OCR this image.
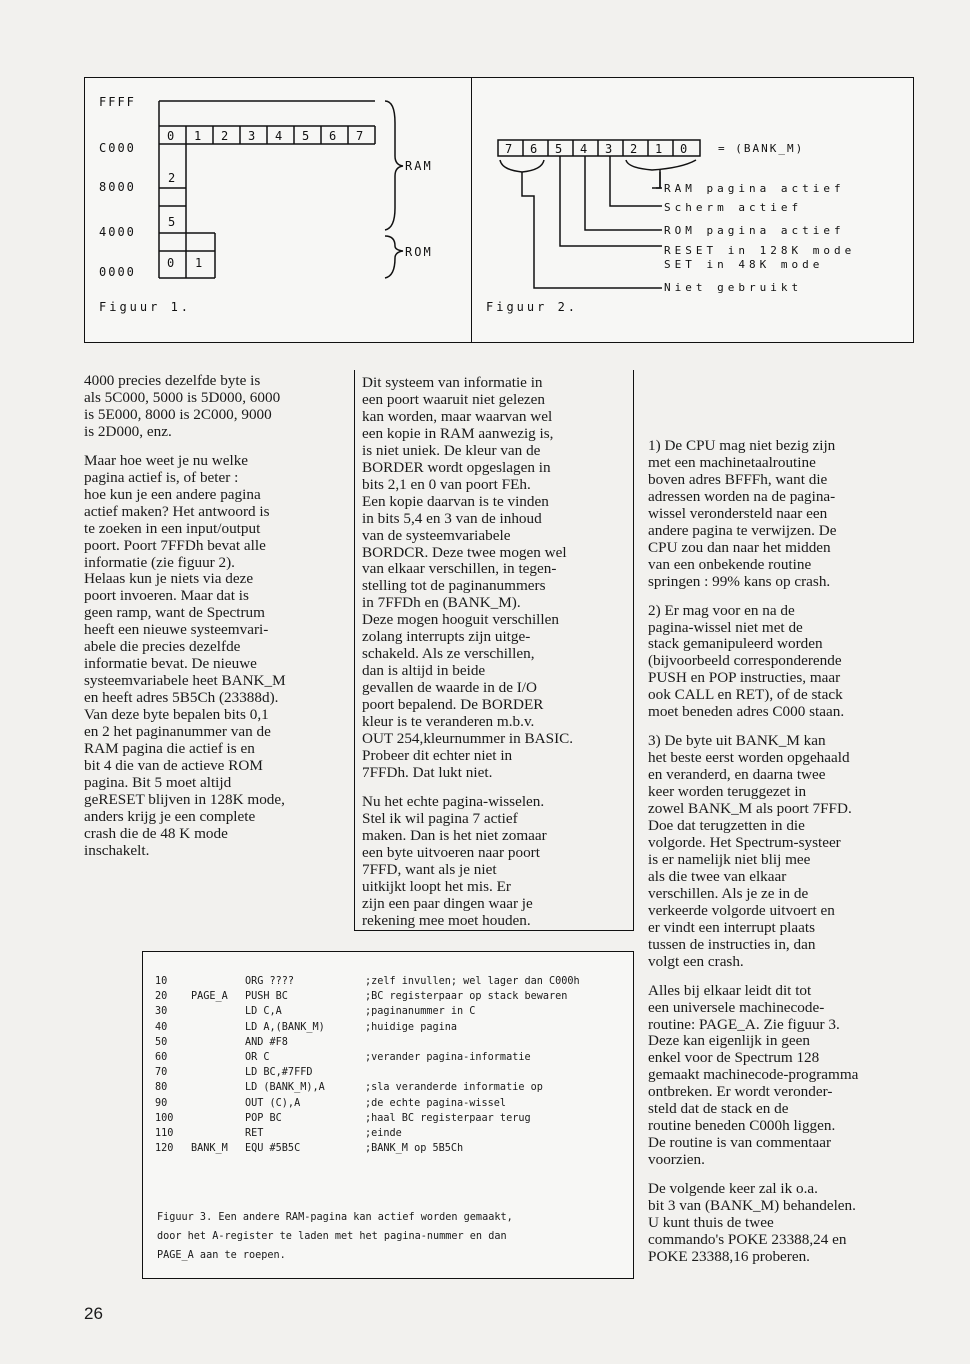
FFFF
C000
8000
4000
0000
0 1 2 3 4 5 6 7
2
5
0 1
RAM
ROM
Figuur 1.
7 6 5 4 3 2 1 0	= (BANK_M)
RAM pagina actief
Scherm actief
ROM pagina actief
RESET in 128K mode
SET in 48K mode
Niet gebruikt
Figuur 2.

4000 precies dezelfde byte is
als 5C000, 5000 is 5D000, 6000
is 5E000, 8000 is 2C000, 9000
is 2D000, enz.

Maar hoe weet je nu welke
pagina actief is, of beter :
hoe kun je een andere pagina
actief maken? Het antwoord is
te zoeken in een input/output
poort. Poort 7FFDh bevat alle
informatie (zie figuur 2).
Helaas kun je niets via deze
poort invoeren. Maar dat is
geen ramp, want de Spectrum
heeft een nieuwe systeemvari-
abele die precies dezelfde
informatie bevat. De nieuwe
systeemvariabele heet BANK_M
en heeft adres 5B5Ch (23388d).
Van deze byte bepalen bits 0,1
en 2 het paginanummer van de
RAM pagina die actief is en
bit 4 die van de actieve ROM
pagina. Bit 5 moet altijd
geRESET blijven in 128K mode,
anders krijg je een complete
crash die de 48 K mode
inschakelt.

Dit systeem van informatie in
een poort waaruit niet gelezen
kan worden, maar waarvan wel
een kopie in RAM aanwezig is,
is niet uniek. De kleur van de
BORDER wordt opgeslagen in
bits 2,1 en 0 van poort FEh.
Een kopie daarvan is te vinden
in bits 5,4 en 3 van de inhoud
van de systeemvariabele
BORDCR. Deze twee mogen wel
van elkaar verschillen, in tegen-
stelling tot de paginanummers
in 7FFDh en (BANK_M).
Deze mogen hooguit verschillen
zolang interrupts zijn uitge-
schakeld. Als ze verschillen,
dan is altijd in beide
gevallen de waarde in de I/O
poort bepalend. De BORDER
kleur is te veranderen m.b.v.
OUT 254,kleurnummer in BASIC.
Probeer dit echter niet in
7FFDh. Dat lukt niet.

Nu het echte pagina-wisselen.
Stel ik wil pagina 7 actief
maken. Dan is het niet zomaar
een byte uitvoeren naar poort
7FFD, want als je niet
uitkijkt loopt het mis. Er
zijn een paar dingen waar je
rekening mee moet houden.

1) De CPU mag niet bezig zijn
met een machinetaalroutine
boven adres BFFFh, want die
adressen worden na de pagina-
wissel verondersteld naar een
andere pagina te verwijzen. De
CPU zou dan naar het midden
van een onbekende routine
springen : 99% kans op crash.

2) Er mag voor en na de
pagina-wissel niet met de
stack gemanipuleerd worden
(bijvoorbeeld corresponderende
PUSH en POP instructies, maar
ook CALL en RET), of de stack
moet beneden adres C000 staan.

3) De byte uit BANK_M kan
het beste eerst worden opgehaald
en veranderd, en daarna twee
keer worden teruggezet in
zowel BANK_M als poort 7FFD.
Doe dat terugzetten in die
volgorde. Het Spectrum-systeer
is er namelijk niet blij mee
als die twee van elkaar
verschillen. Als je ze in de
verkeerde volgorde uitvoert en
er vindt een interrupt plaats
tussen de instructies in, dan
volgt een crash.

Alles bij elkaar leidt dit tot
een universele machinecode-
routine: PAGE_A. Zie figuur 3.
Deze kan eigenlijk in geen
enkel voor de Spectrum 128
gemaakt machinecode-programma
ontbreken. Er wordt veronder-
steld dat de stack en de
routine beneden C000h liggen.
De routine is van commentaar
voorzien.

De volgende keer zal ik o.a.
bit 3 van (BANK_M) behandelen.
U kunt thuis de twee
commando's POKE 23388,24 en
POKE 23388,16 proberen.

10		ORG ????	;zelf invullen; wel lager dan C000h
20	PAGE_A	PUSH BC	;BC registerpaar op stack bewaren
30		LD C,A	;paginanummer in C
40		LD A,(BANK_M)	;huidige pagina
50		AND #F8	
60		OR C	;verander pagina-informatie
70		LD BC,#7FFD	
80		LD (BANK_M),A	;sla veranderde informatie op
90		OUT (C),A	;de echte pagina-wissel
100		POP BC	;haal BC registerpaar terug
110		RET	;einde
120	BANK_M	EQU #5B5C	;BANK_M op 5B5Ch
Figuur 3. Een andere RAM-pagina kan actief worden gemaakt,
door het A-register te laden met het pagina-nummer en dan
PAGE_A aan te roepen.
26
